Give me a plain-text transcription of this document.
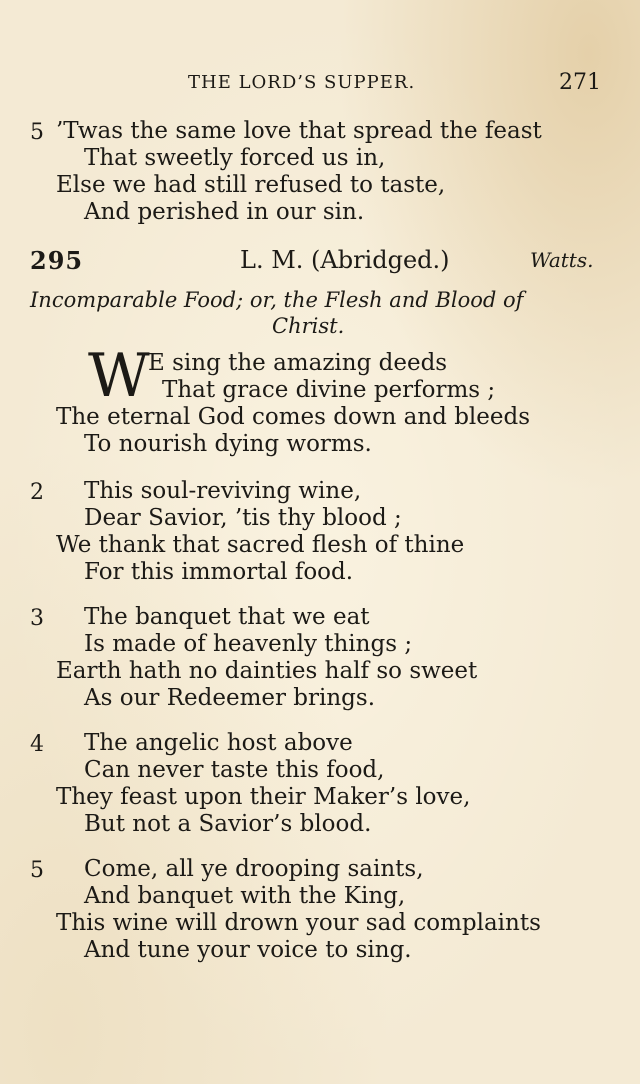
THE LORD’S SUPPER.	271
5 ’Twas the same love that spread the feast
That sweetly forced us in,
Else we had still refused to taste,
And perished in our sin.
295	L. M. (Abridged.)	Watts.
Incomparable Food; or, the Flesh and Blood of
Christ.
W
E sing the amazing deeds
That grace divine performs ;
The eternal God comes down and bleeds
To nourish dying worms.
2 This soul-reviving wine,
Dear Savior, ’tis thy blood ;
We thank that sacred flesh of thine
For this immortal food.
3 The banquet that we eat
Is made of heavenly things ;
Earth hath no dainties half so sweet
As our Redeemer brings.
4 The angelic host above
Can never taste this food,
They feast upon their Maker’s love,
But not a Savior’s blood.
5 Come, all ye drooping saints,
And banquet with the King,
This wine will drown your sad complaints
And tune your voice to sing.
